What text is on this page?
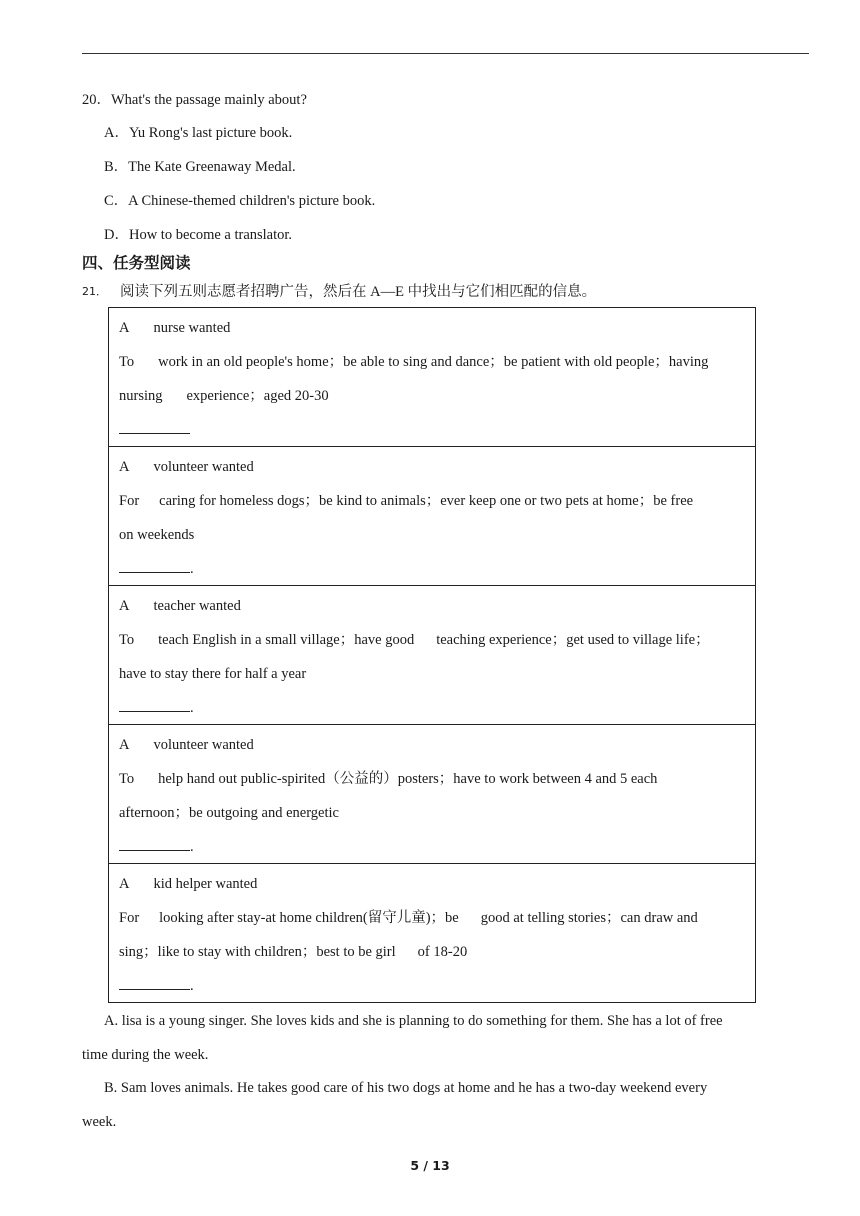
20．What's the passage mainly about?
A．Yu Rong's last picture book.
B．The Kate Greenaway Medal.
C．A Chinese-themed children's picture book.
D．How to become a translator.
四、任务型阅读
21． 阅读下列五则志愿者招聘广告，然后在 A—E 中找出与它们相匹配的信息。
A nurse wanted
To work in an old people's home；be able to sing and dance；be patient with old people；having
nursing experience；aged 20-30

A volunteer wanted
For caring for homeless dogs；be kind to animals；ever keep one or two pets at home；be free
on weekends
.

A teacher wanted
To teach English in a small village；have good teaching experience；get used to village life；
have to stay there for half a year
.

A volunteer wanted
To help hand out public-spirited（公益的）posters；have to work between 4 and 5 each
afternoon；be outgoing and energetic
.

A kid helper wanted
For looking after stay-at home children(留守儿童)；be good at telling stories；can draw and
sing；like to stay with children；best to be girl of 18-20
.
A. lisa is a young singer. She loves kids and she is planning to do something for them. She has a lot of free
time during the week.
B. Sam loves animals. He takes good care of his two dogs at home and he has a two-day weekend every
week.
5 / 13
